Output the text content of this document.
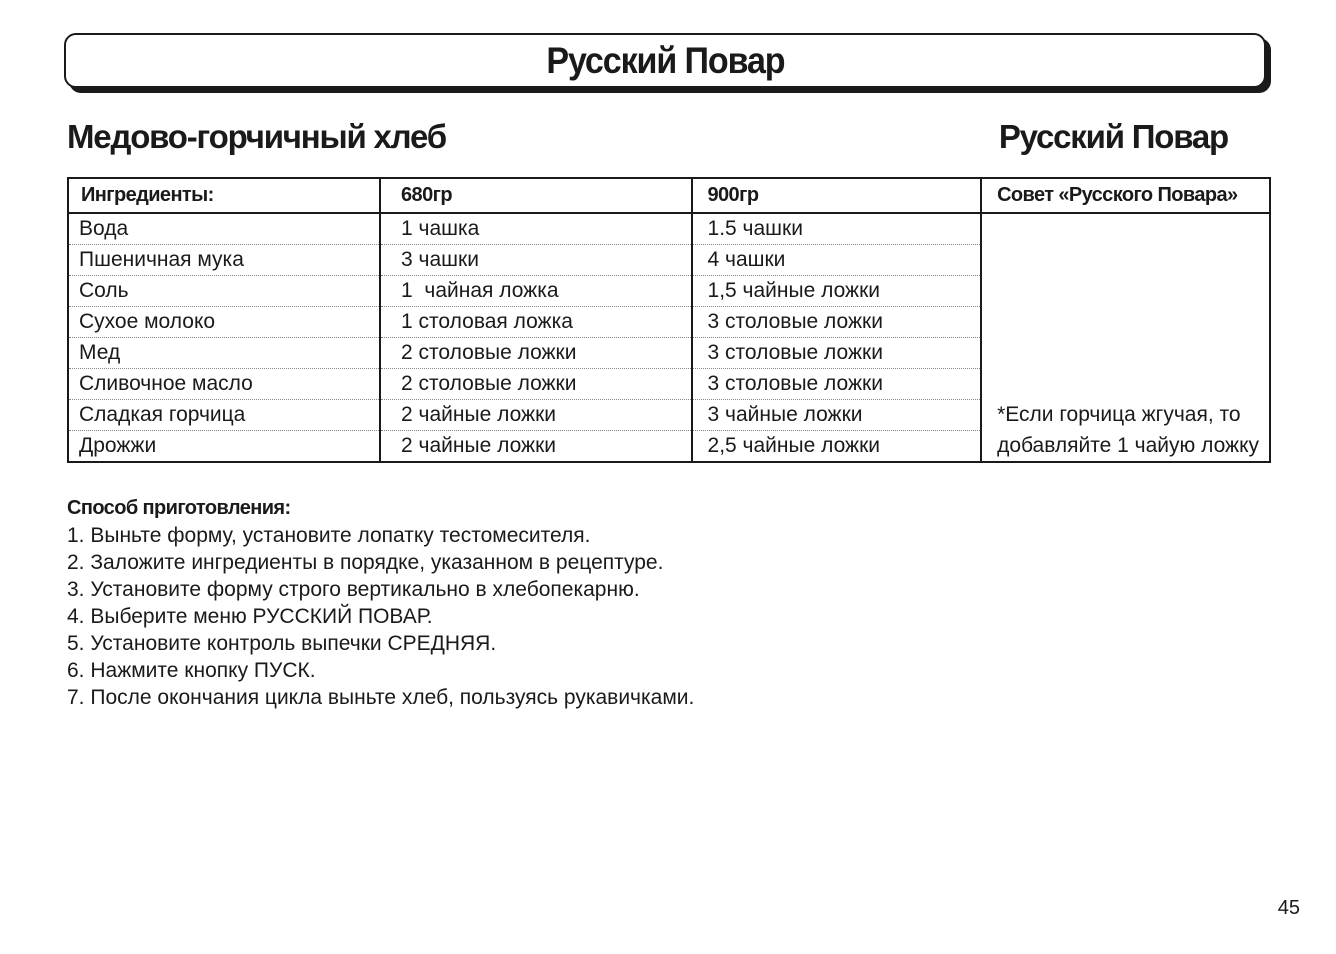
Русский Повар
Медово-горчичный хлеб	Русский Повар
Ингредиенты:	680гр	900гр	Совет «Русского Повара»
Вода	1 чашка	1.5 чашки	
Пшеничная мука	3 чашки	4 чашки	
Соль	1  чайная ложка	1,5 чайные ложки	
Сухое молоко	1 столовая ложка	3 столовые ложки	
Мед	2 столовые ложки	3 столовые ложки	
Сливочное масло	2 столовые ложки	3 столовые ложки	
Сладкая горчица	2 чайные ложки	3 чайные ложки	*Если горчица жгучая, то
Дрожжи	2 чайные ложки	2,5 чайные ложки	добавляйте 1 чайую ложку
Способ приготовления:
1. Выньте форму, установите лопатку тестомесителя.
2. Заложите ингредиенты в порядке, указанном в рецептуре.
3. Установите форму строго вертикально в хлебопекарню.
4. Выберите меню РУССКИЙ ПОВАР.
5. Установите контроль выпечки СРЕДНЯЯ.
6. Нажмите кнопку ПУСК.
7. После окончания цикла выньте хлеб, пользуясь рукавичками.
45
